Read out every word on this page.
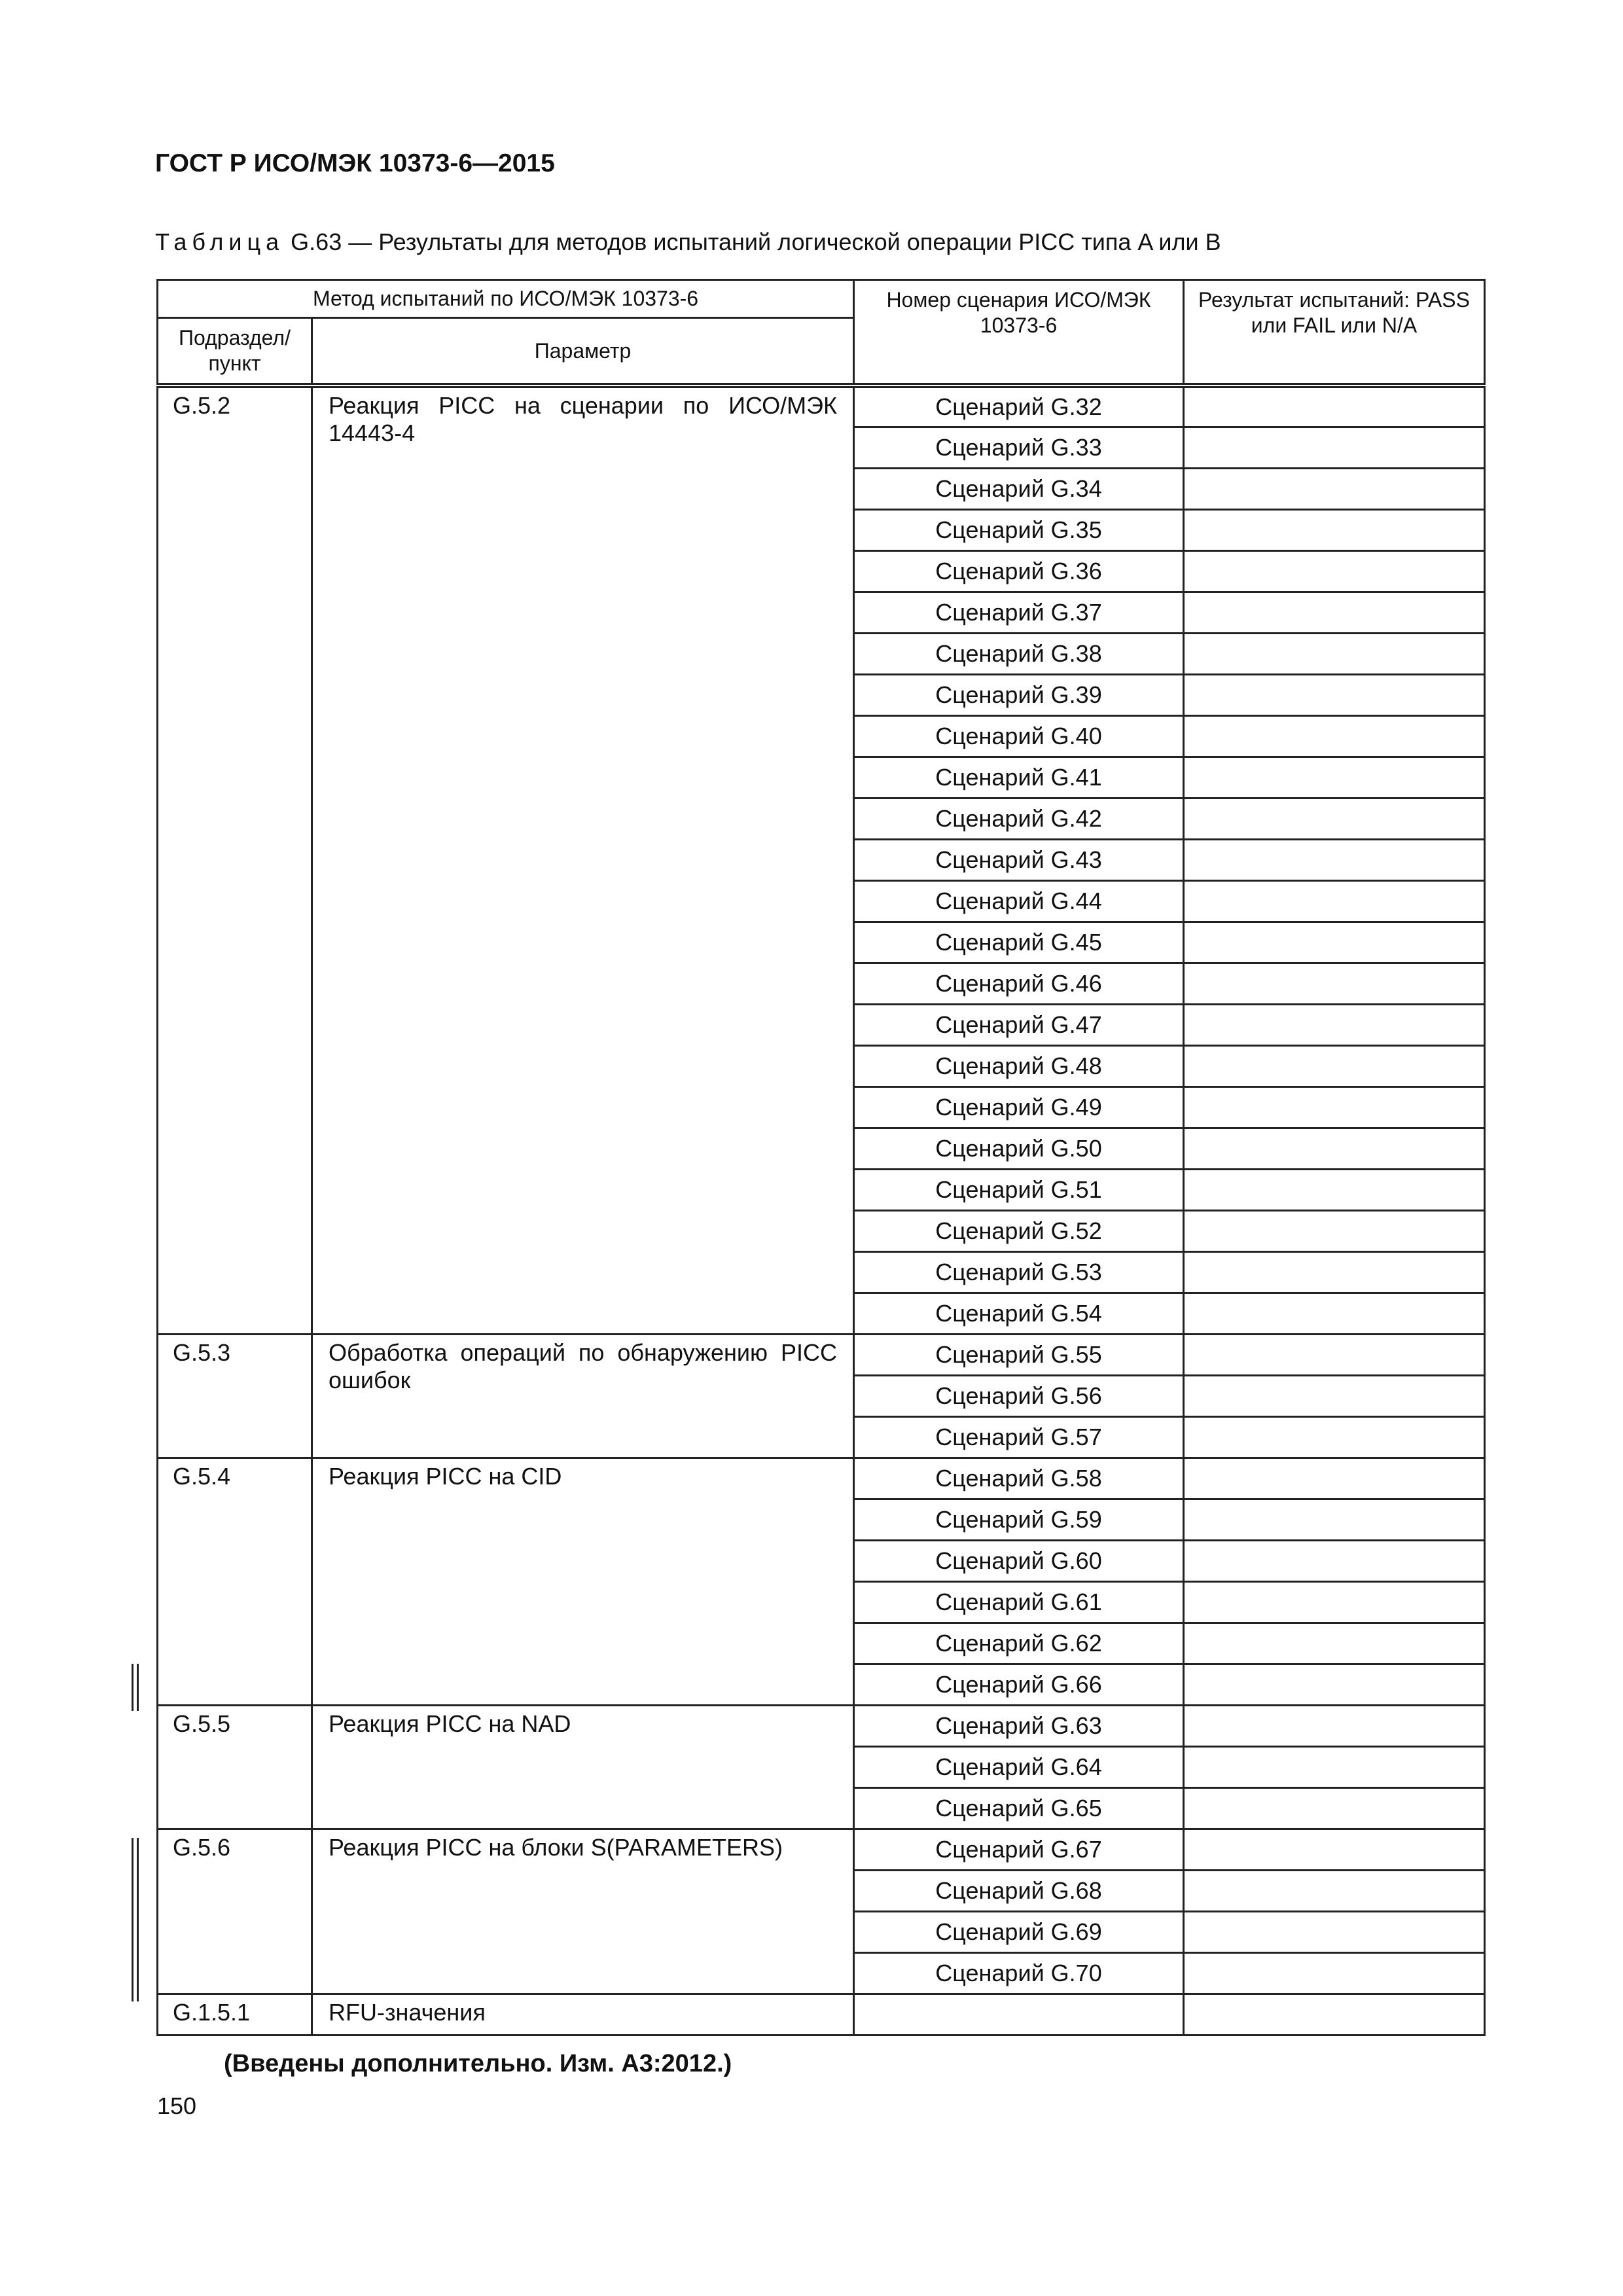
ГОСТ Р ИСО/МЭК 10373-6—2015
Таблица G.63 — Результаты для методов испытаний логической операции PICC типа A или B
Метод испытаний по ИСО/МЭК 10373-6		Номер сценария ИСО/МЭК 10373-6	Результат испытаний: PASS или FAIL или N/A
Подраздел/ пункт	Параметр		
G.5.2	Реакция PICC на сценарии по ИСО/МЭК 14443-4	Сценарий G.32	
		Сценарий G.33	
		Сценарий G.34	
		Сценарий G.35	
		Сценарий G.36	
		Сценарий G.37	
		Сценарий G.38	
		Сценарий G.39	
		Сценарий G.40	
		Сценарий G.41	
		Сценарий G.42	
		Сценарий G.43	
		Сценарий G.44	
		Сценарий G.45	
		Сценарий G.46	
		Сценарий G.47	
		Сценарий G.48	
		Сценарий G.49	
		Сценарий G.50	
		Сценарий G.51	
		Сценарий G.52	
		Сценарий G.53	
		Сценарий G.54	
G.5.3	Обработка операций по обнаружению PICC ошибок	Сценарий G.55	
		Сценарий G.56	
		Сценарий G.57	
G.5.4	Реакция PICC на CID	Сценарий G.58	
		Сценарий G.59	
		Сценарий G.60	
		Сценарий G.61	
		Сценарий G.62	
		Сценарий G.66	
G.5.5	Реакция PICC на NAD	Сценарий G.63	
		Сценарий G.64	
		Сценарий G.65	
G.5.6	Реакция PICC на блоки S(PARAMETERS)	Сценарий G.67	
		Сценарий G.68	
		Сценарий G.69	
		Сценарий G.70	
G.1.5.1	RFU-значения		
(Введены дополнительно. Изм. А3:2012.)
150
